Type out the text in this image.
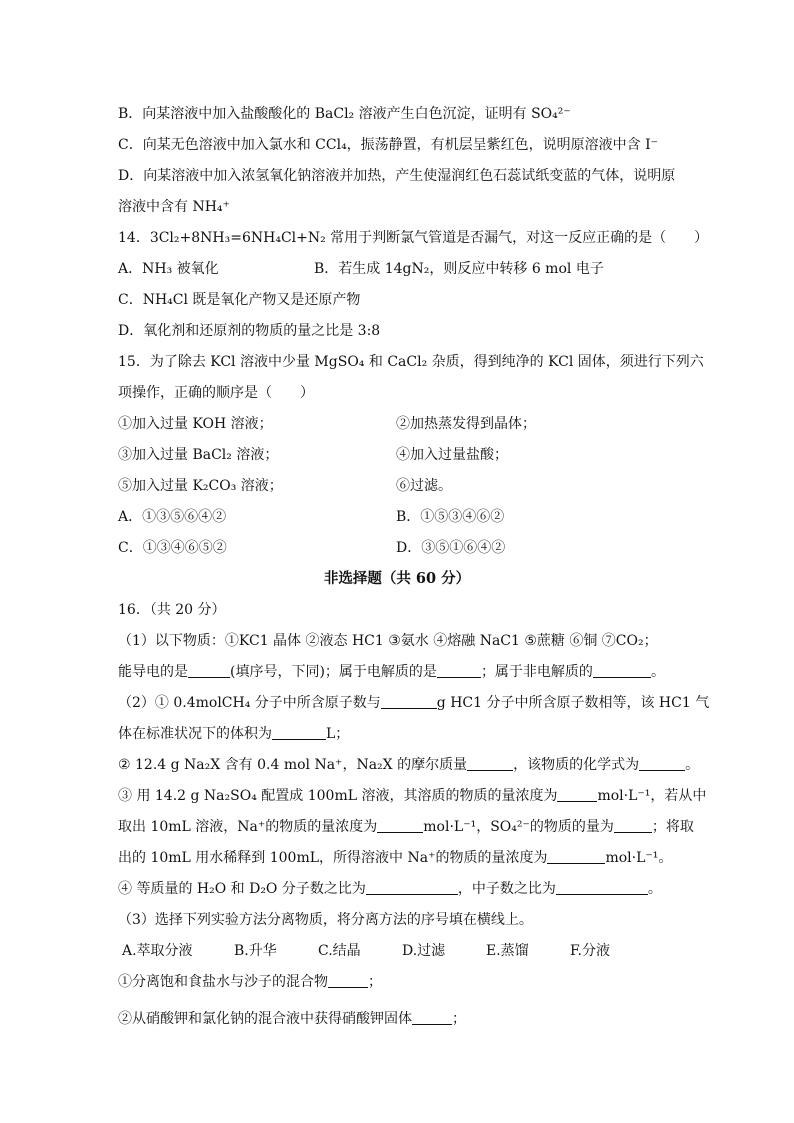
B．向某溶液中加入盐酸酸化的 BaCl₂ 溶液产生白色沉淀，证明有 SO₄²⁻
C．向某无色溶液中加入氯水和 CCl₄，振荡静置，有机层呈紫红色，说明原溶液中含 I⁻
D．向某溶液中加入浓氢氧化钠溶液并加热，产生使湿润红色石蕊试纸变蓝的气体，说明原
溶液中含有 NH₄⁺
14．3Cl₂+8NH₃=6NH₄Cl+N₂ 常用于判断氯气管道是否漏气，对这一反应正确的是（　　）
A．NH₃ 被氧化	B．若生成 14gN₂，则反应中转移 6 mol 电子
C．NH₄Cl 既是氧化产物又是还原产物
D．氧化剂和还原剂的物质的量之比是 3:8
15．为了除去 KCl 溶液中少量 MgSO₄ 和 CaCl₂ 杂质，得到纯净的 KCl 固体，须进行下列六
项操作，正确的顺序是（　　）
①加入过量 KOH 溶液；	②加热蒸发得到晶体；
③加入过量 BaCl₂ 溶液；	④加入过量盐酸；
⑤加入过量 K₂CO₃ 溶液；	⑥过滤。
A．①③⑤⑥④②	B．①⑤③④⑥②
C．①③④⑥⑤②	D．③⑤①⑥④②
非选择题（共 60 分）
16．（共 20 分）
（1）以下物质：①KC1 晶体 ②液态 HC1 ③氨水 ④熔融 NaC1 ⑤蔗糖 ⑥铜 ⑦CO₂；
能导电的是	(填序号，下同)；属于电解质的是	；属于非电解质的	。
（2）① 0.4molCH₄ 分子中所含原子数与	g HC1 分子中所含原子数相等，该 HC1 气
体在标准状况下的体积为	L；
② 12.4 g Na₂X 含有 0.4 mol Na⁺，Na₂X 的摩尔质量	，该物质的化学式为	。
③ 用 14.2 g Na₂SO₄ 配置成 100mL 溶液，其溶质的物质的量浓度为	mol·L⁻¹，若从中
取出 10mL 溶液，Na⁺的物质的量浓度为	mol·L⁻¹，SO₄²⁻的物质的量为	；将取
出的 10mL 用水稀释到 100mL，所得溶液中 Na⁺的物质的量浓度为	mol·L⁻¹。
④ 等质量的 H₂O 和 D₂O 分子数之比为	，中子数之比为	。
（3）选择下列实验方法分离物质，将分离方法的序号填在横线上。
A.萃取分液	B.升华	C.结晶	D.过滤	E.蒸馏	F.分液
①分离饱和食盐水与沙子的混合物	；
②从硝酸钾和氯化钠的混合液中获得硝酸钾固体	；
